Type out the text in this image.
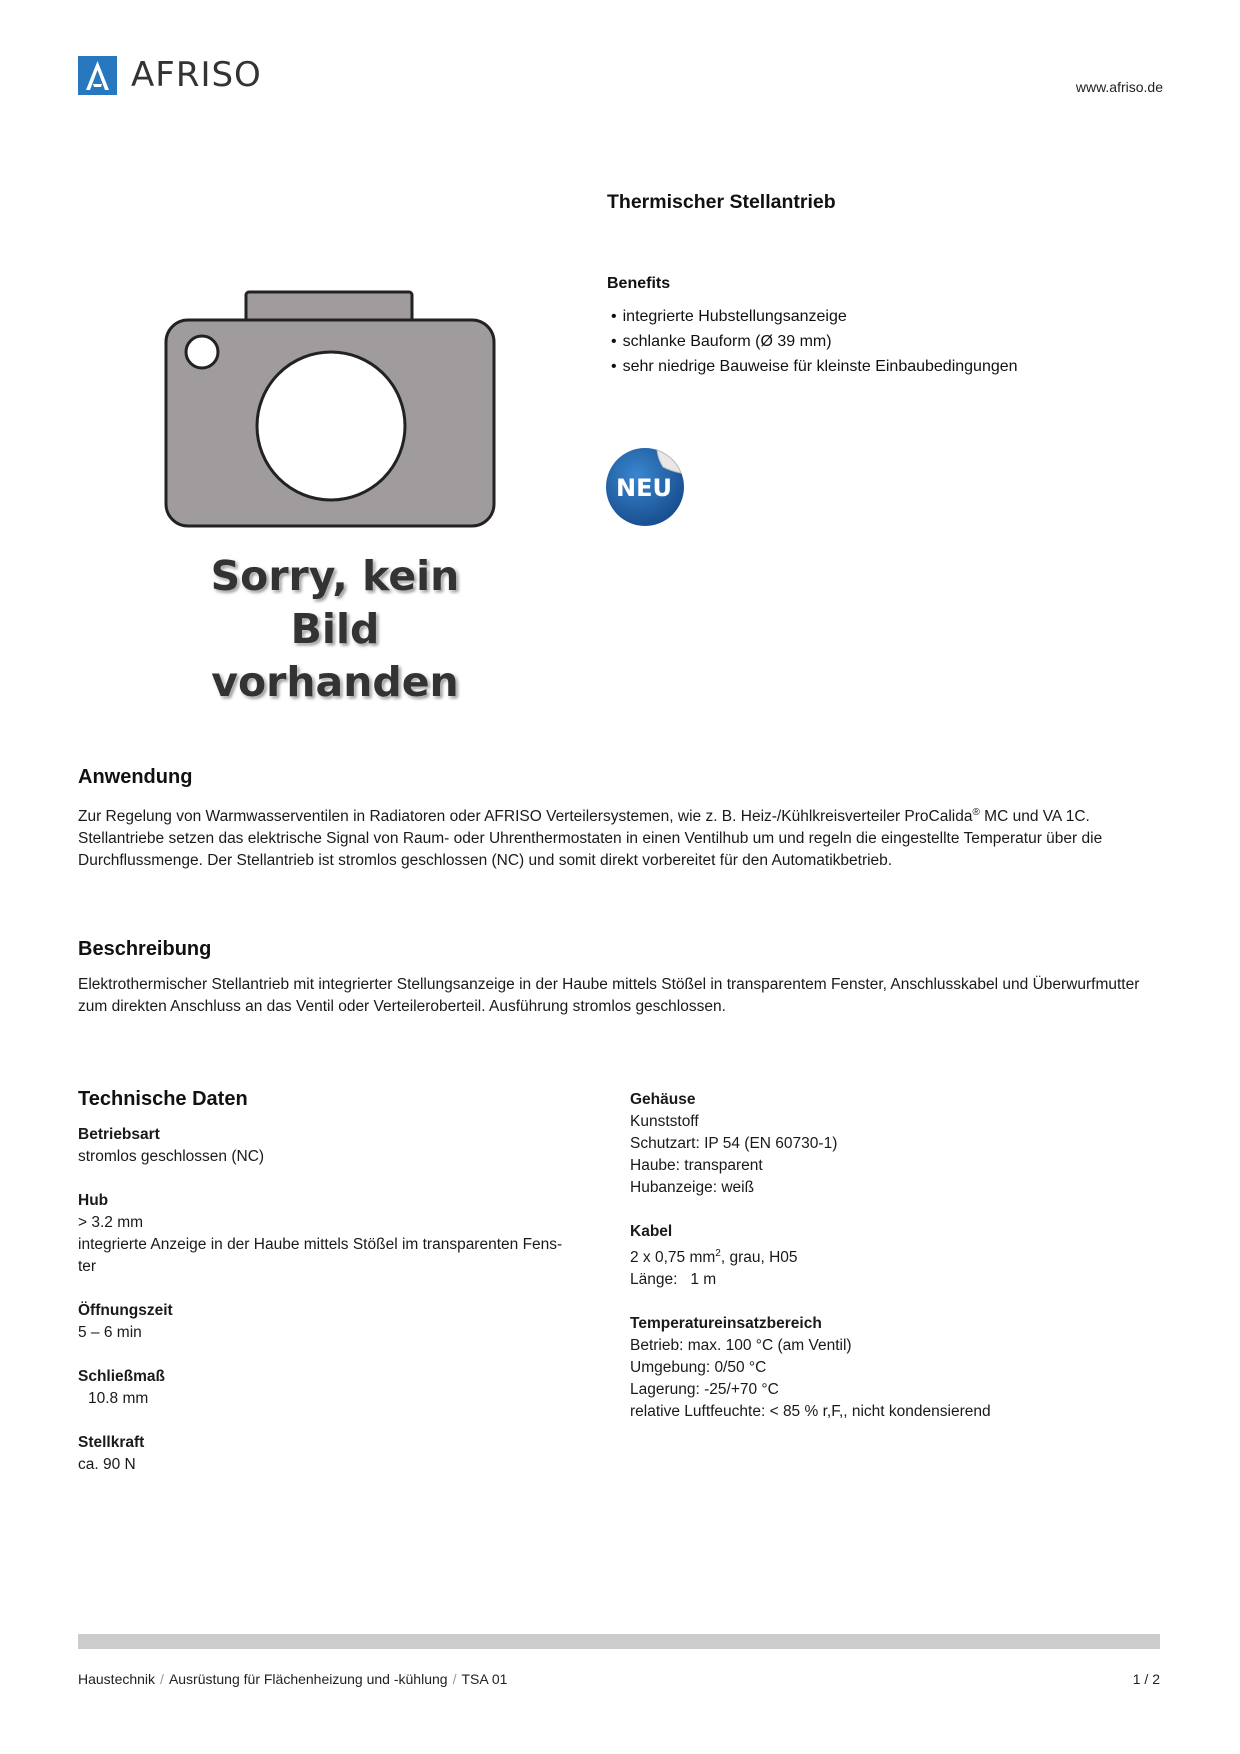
AFRISO	www.afriso.de
Sorry, kein Bild
vorhanden
Thermischer Stellantrieb
Benefits
• integrierte Hubstellungsanzeige
• schlanke Bauform (Ø 39 mm)
• sehr niedrige Bauweise für kleinste Einbaubedingungen
NEU
Anwendung

Zur Regelung von Warmwasserventilen in Radiatoren oder AFRISO Verteilersystemen, wie z. B. Heiz-/Kühlkreisverteiler ProCalida® MC und VA 1C. Stellantriebe setzen das elektrische Signal von Raum- oder Uhrenthermostaten in einen Ventilhub um und regeln die eingestellte Temperatur über die Durchflussmenge. Der Stellantrieb ist stromlos geschlossen (NC) und somit direkt vorbereitet für den Automatikbetrieb.

Beschreibung

Elektrothermischer Stellantrieb mit integrierter Stellungsanzeige in der Haube mittels Stößel in transparentem Fenster, Anschlusskabel und Überwurfmutter zum direkten Anschluss an das Ventil oder Verteileroberteil. Ausführung stromlos geschlossen.

Technische Daten
Betriebsart
stromlos geschlossen (NC)
Hub
> 3.2 mm
integrierte Anzeige in der Haube mittels Stößel im transparenten Fens-
ter
Öffnungszeit
5 – 6 min
Schließmaß
10.8 mm
Stellkraft
ca. 90 N
Gehäuse
Kunststoff
Schutzart: IP 54 (EN 60730-1)
Haube: transparent
Hubanzeige: weiß
Kabel
2 x 0,75 $mm^2$, grau, H05
Länge:   1 m
Temperatureinsatzbereich
Betrieb: max. 100 °C (am Ventil)
Umgebung: 0/50 °C
Lagerung: -25/+70 °C
relative Luftfeuchte: < 85 % r,F,, nicht kondensierend
Haustechnik / Ausrüstung für Flächenheizung und -kühlung / TSA 01	1 / 2
